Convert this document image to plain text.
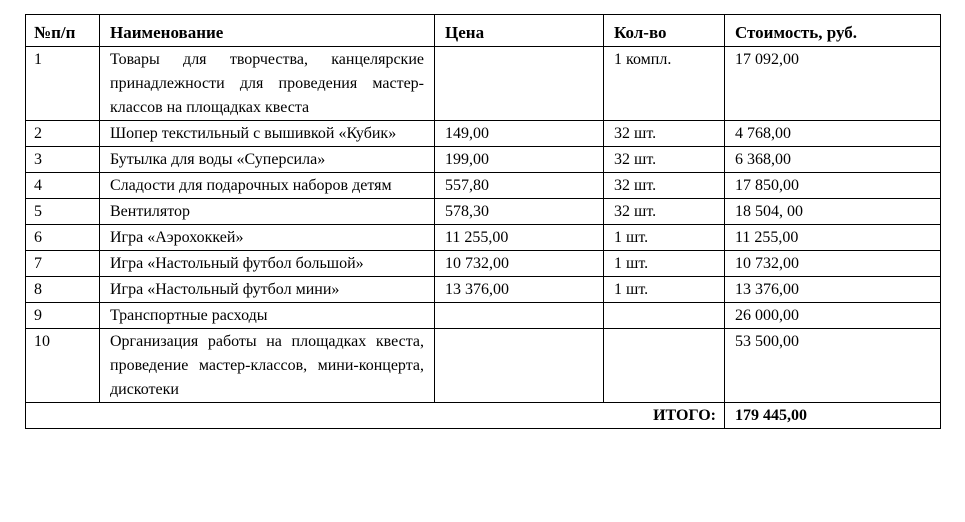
№п/п	Наименование	Цена	Кол-во	Стоимость, руб.
1	Товары для творчества, канцелярские принадлежности для проведения мастер-классов на площадках квеста		1 компл.	17 092,00
2	Шопер текстильный с вышивкой «Кубик»	149,00	32 шт.	4 768,00
3	Бутылка для воды «Суперсила»	199,00	32 шт.	6 368,00
4	Сладости для подарочных наборов детям	557,80	32 шт.	17 850,00
5	Вентилятор	578,30	32 шт.	18 504, 00
6	Игра «Аэрохоккей»	11 255,00	1 шт.	11 255,00
7	Игра «Настольный футбол большой»	10 732,00	1 шт.	10 732,00
8	Игра «Настольный футбол мини»	13 376,00	1 шт.	13 376,00
9	Транспортные расходы			26 000,00
10	Организация работы на площадках квеста, проведение мастер-классов, мини-концерта, дискотеки			53 500,00
ИТОГО:				179 445,00
